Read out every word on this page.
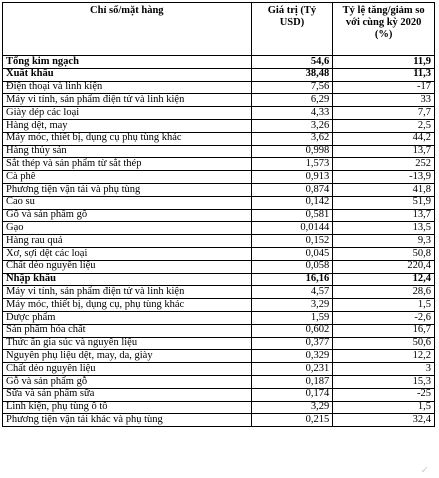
Chỉ số/mặt hàng	Giá trị (Tỷ USD)	Tỷ lệ tăng/giảm so với cùng kỳ 2020 (%)
Tổng kim ngạch	54,6	11,9
Xuất khẩu	38,48	11,3
Điện thoại và linh kiện	7,56	-17
Máy vi tính, sản phẩm điện tử và linh kiện	6,29	33
Giày dép các loại	4,33	7,7
Hàng dệt, may	3,26	2,5
Máy móc, thiết bị, dụng cụ phụ tùng khác	3,62	44,2
Hàng thủy sản	0,998	13,7
Sắt thép và sản phẩm từ sắt thép	1,573	252
Cà phê	0,913	-13,9
Phương tiện vận tải và phụ tùng	0,874	41,8
Cao su	0,142	51,9
Gỗ và sản phẩm gỗ	0,581	13,7
Gạo	0,0144	13,5
Hàng rau quả	0,152	9,3
Xơ, sợi dệt các loại	0,045	50,8
Chất dẻo nguyên liệu	0,058	220,4
Nhập khẩu	16,16	12,4
Máy vi tính, sản phẩm điện tử và linh kiện	4,57	28,6
Máy móc, thiết bị, dụng cụ, phụ tùng khác	3,29	1,5
Dược phẩm	1,59	-2,6
Sản phẩm hóa chất	0,602	16,7
Thức ăn gia súc và nguyên liệu	0,377	50,6
Nguyên phụ liệu dệt, may, da, giày	0,329	12,2
Chất dẻo nguyên liệu	0,231	3
Gỗ và sản phẩm gỗ	0,187	15,3
Sữa và sản phẩm sữa	0,174	-25
Linh kiện, phụ tùng ô tô	3,29	1,5
Phương tiện vận tải khác và phụ tùng	0,215	32,4
✓
